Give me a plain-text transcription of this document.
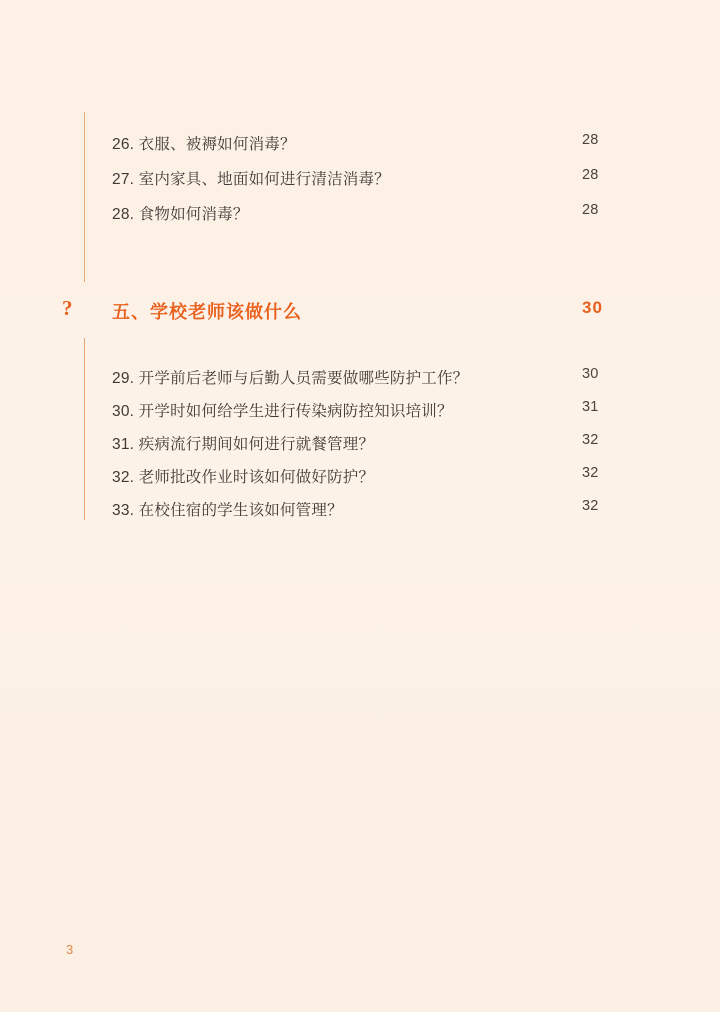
26. 衣服、被褥如何消毒？	28
27. 室内家具、地面如何进行清洁消毒？	28
28. 食物如何消毒？	28
? 五、学校老师该做什么	30
29. 开学前后老师与后勤人员需要做哪些防护工作？	30
30. 开学时如何给学生进行传染病防控知识培训？	31
31. 疾病流行期间如何进行就餐管理？	32
32. 老师批改作业时该如何做好防护？	32
33. 在校住宿的学生该如何管理？	32
3
